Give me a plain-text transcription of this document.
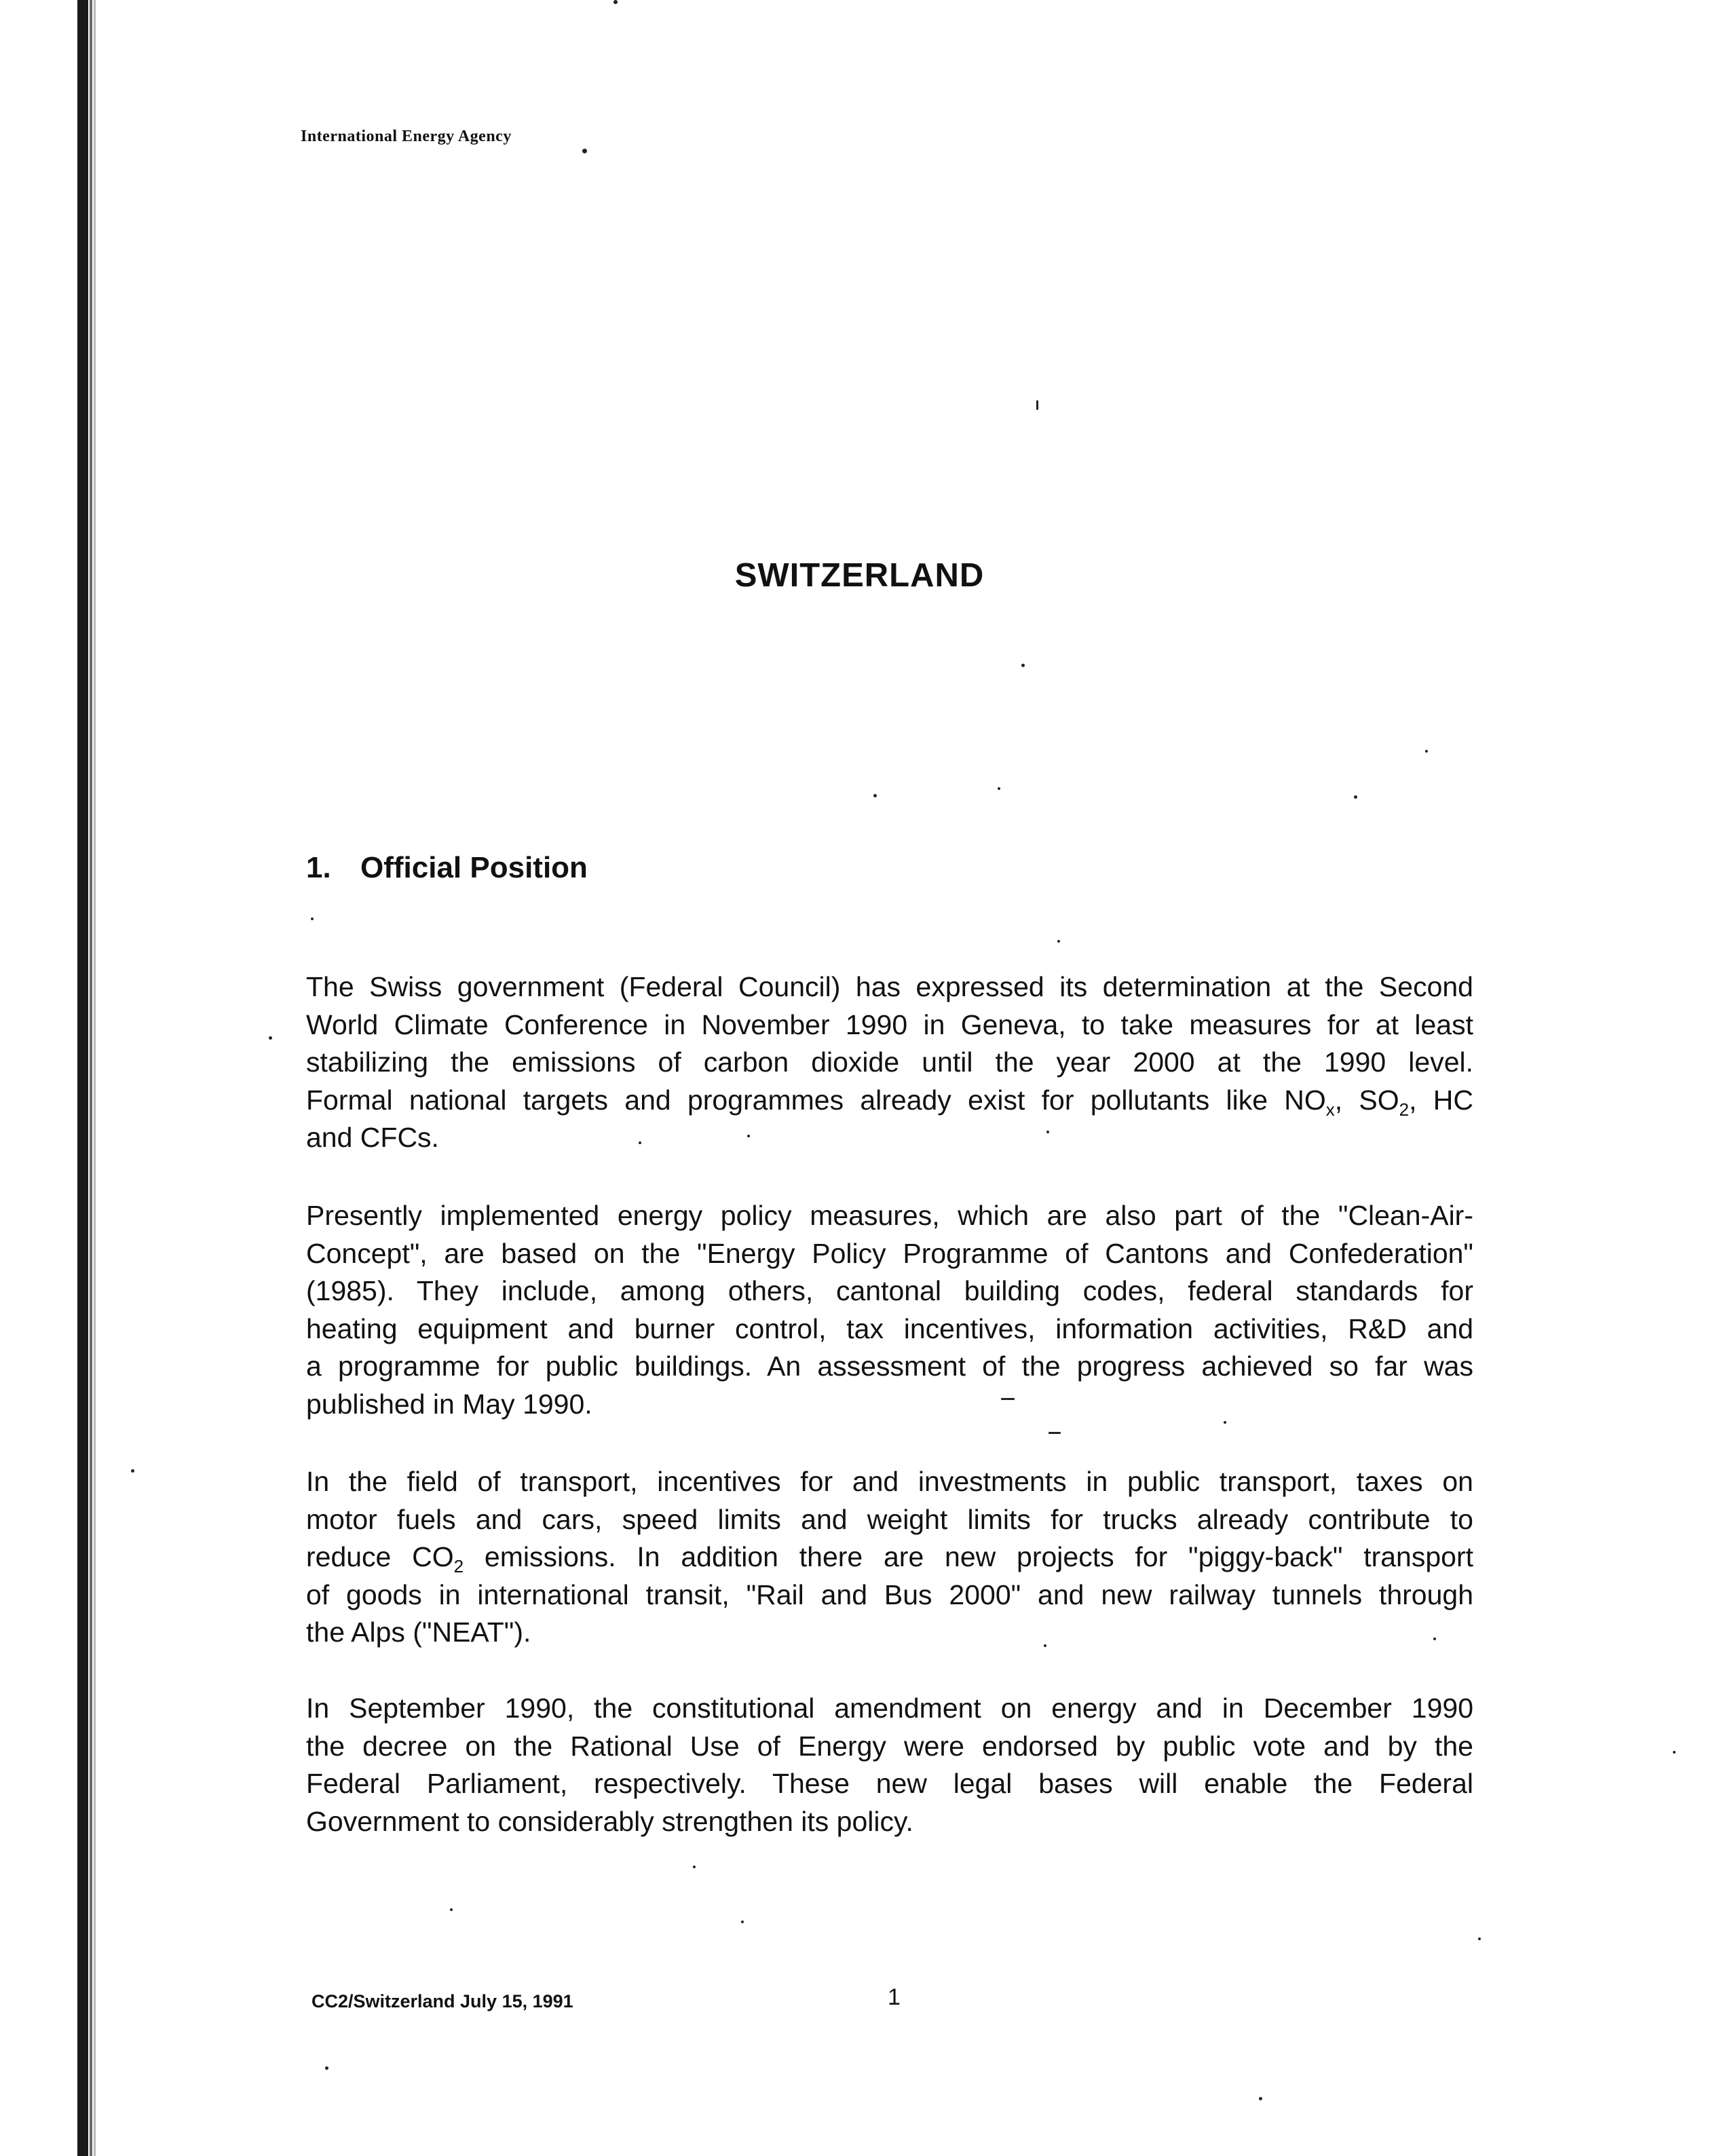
International Energy Agency
SWITZERLAND
1. Official Position
The Swiss government (Federal Council) has expressed its determination at the Second
World Climate Conference in November 1990 in Geneva, to take measures for at least
stabilizing the emissions of carbon dioxide until the year 2000 at the 1990 level.
Formal national targets and programmes already exist for pollutants like $NO_x$, $SO_2$, HC
and CFCs.
Presently implemented energy policy measures, which are also part of the "Clean-Air-
Concept", are based on the "Energy Policy Programme of Cantons and Confederation"
(1985). They include, among others, cantonal building codes, federal standards for
heating equipment and burner control, tax incentives, information activities, R&D and
a programme for public buildings. An assessment of the progress achieved so far was
published in May 1990.
In the field of transport, incentives for and investments in public transport, taxes on
motor fuels and cars, speed limits and weight limits for trucks already contribute to
reduce $CO_2$ emissions. In addition there are new projects for "piggy-back" transport
of goods in international transit, "Rail and Bus 2000" and new railway tunnels through
the Alps ("NEAT").
In September 1990, the constitutional amendment on energy and in December 1990
the decree on the Rational Use of Energy were endorsed by public vote and by the
Federal Parliament, respectively. These new legal bases will enable the Federal
Government to considerably strengthen its policy.
CC2/Switzerland July 15, 1991	1
